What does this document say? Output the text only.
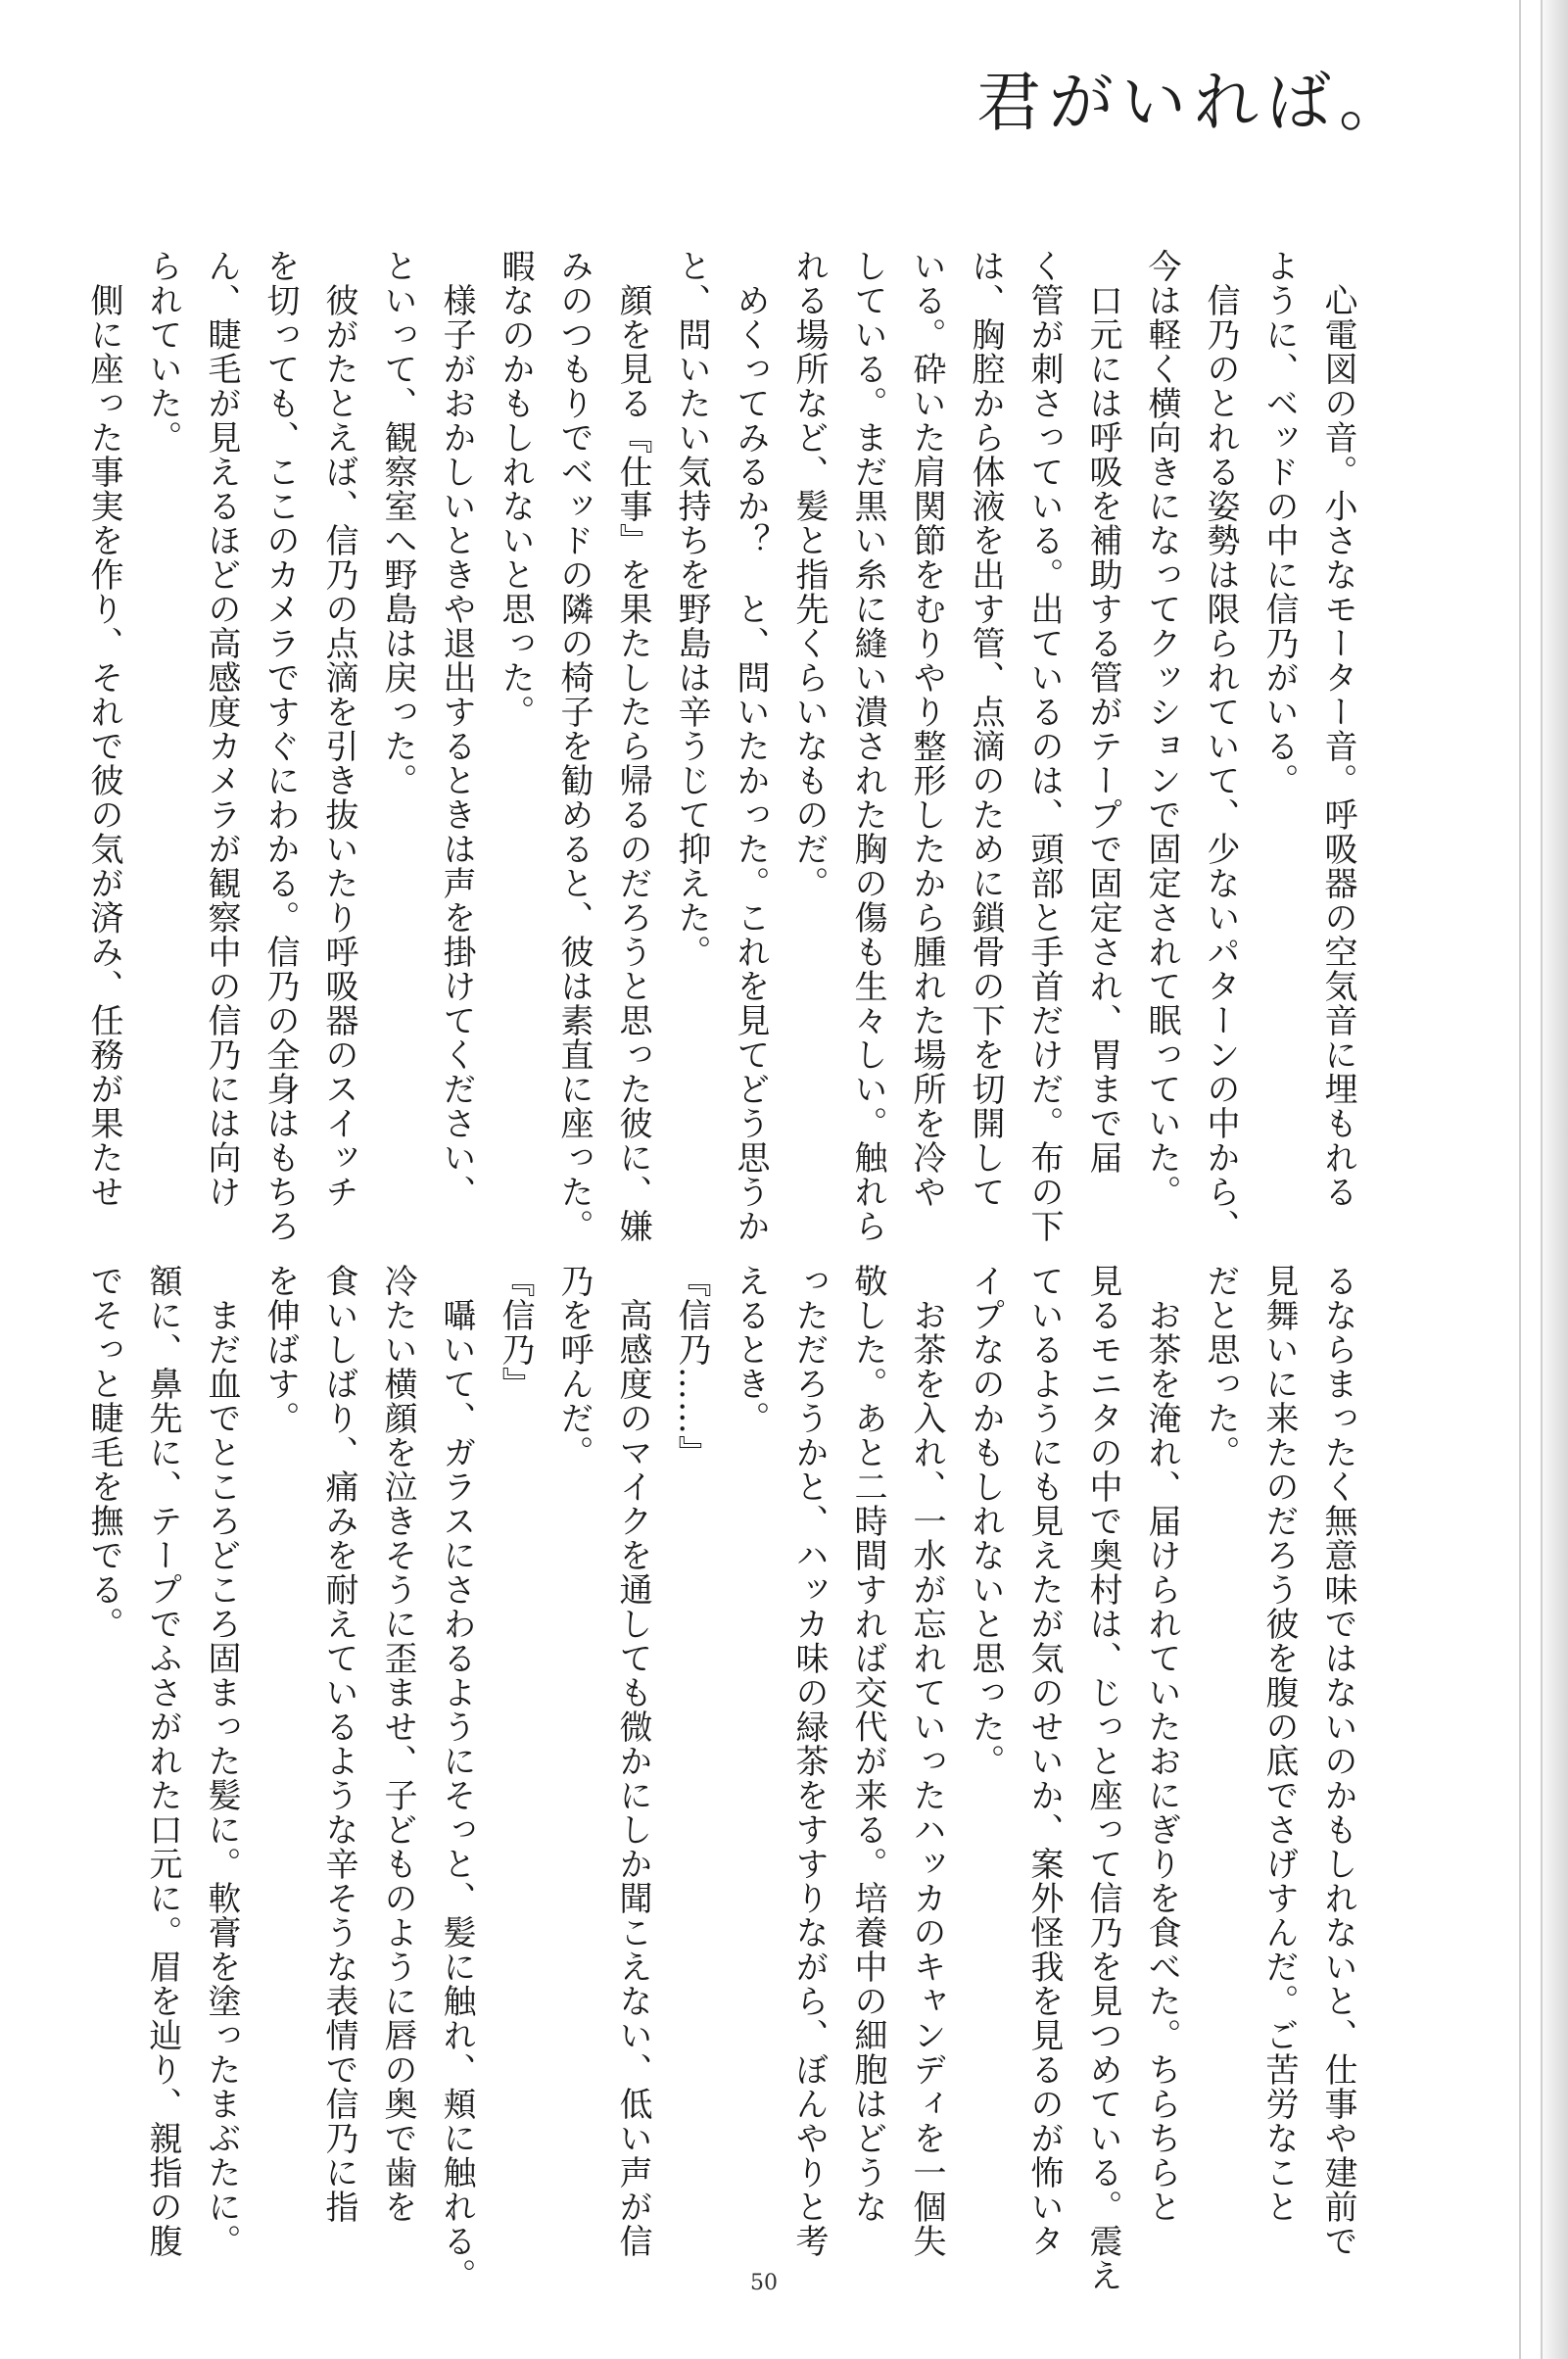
君がいれば。
　心電図の音。小さなモーター音。呼吸器の空気音に埋もれる
ように、ベッドの中に信乃がいる。
　信乃のとれる姿勢は限られていて、少ないパターンの中から、
今は軽く横向きになってクッションで固定されて眠っていた。
　口元には呼吸を補助する管がテープで固定され、胃まで届
く管が刺さっている。出ているのは、頭部と手首だけだ。布の下
は、胸腔から体液を出す管、点滴のために鎖骨の下を切開して
いる。砕いた肩関節をむりやり整形したから腫れた場所を冷や
している。まだ黒い糸に縫い潰された胸の傷も生々しい。触れら
れる場所など、髪と指先くらいなものだ。
　めくってみるか？　と、問いたかった。これを見てどう思うか
と、問いたい気持ちを野島は辛うじて抑えた。
　顔を見る『仕事』を果たしたら帰るのだろうと思った彼に、嫌
みのつもりでベッドの隣の椅子を勧めると、彼は素直に座った。
暇なのかもしれないと思った。
　様子がおかしいときや退出するときは声を掛けてください、
といって、観察室へ野島は戻った。
　彼がたとえば、信乃の点滴を引き抜いたり呼吸器のスイッチ
を切っても、ここのカメラですぐにわかる。信乃の全身はもちろ
ん、睫毛が見えるほどの高感度カメラが観察中の信乃には向け
られていた。
　側に座った事実を作り、それで彼の気が済み、任務が果たせ
るならまったく無意味ではないのかもしれないと、仕事や建前で
見舞いに来たのだろう彼を腹の底でさげすんだ。ご苦労なこと
だと思った。
　お茶を淹れ、届けられていたおにぎりを食べた。ちらちらと
見るモニタの中で奥村は、じっと座って信乃を見つめている。震え
ているようにも見えたが気のせいか、案外怪我を見るのが怖いタ
イプなのかもしれないと思った。
　お茶を入れ、一水が忘れていったハッカのキャンディを一個失
敬した。あと二時間すれば交代が来る。培養中の細胞はどうな
っただろうかと、ハッカ味の緑茶をすすりながら、ぼんやりと考
えるとき。
『信乃……』
　高感度のマイクを通しても微かにしか聞こえない、低い声が信
乃を呼んだ。
『信乃』
　囁いて、ガラスにさわるようにそっと、髪に触れ、頬に触れる。
冷たい横顔を泣きそうに歪ませ、子どものように唇の奥で歯を
食いしばり、痛みを耐えているような辛そうな表情で信乃に指
を伸ばす。
　まだ血でところどころ固まった髪に。軟膏を塗ったまぶたに。
額に、鼻先に、テープでふさがれた口元に。眉を辿り、親指の腹
でそっと睫毛を撫でる。
50
